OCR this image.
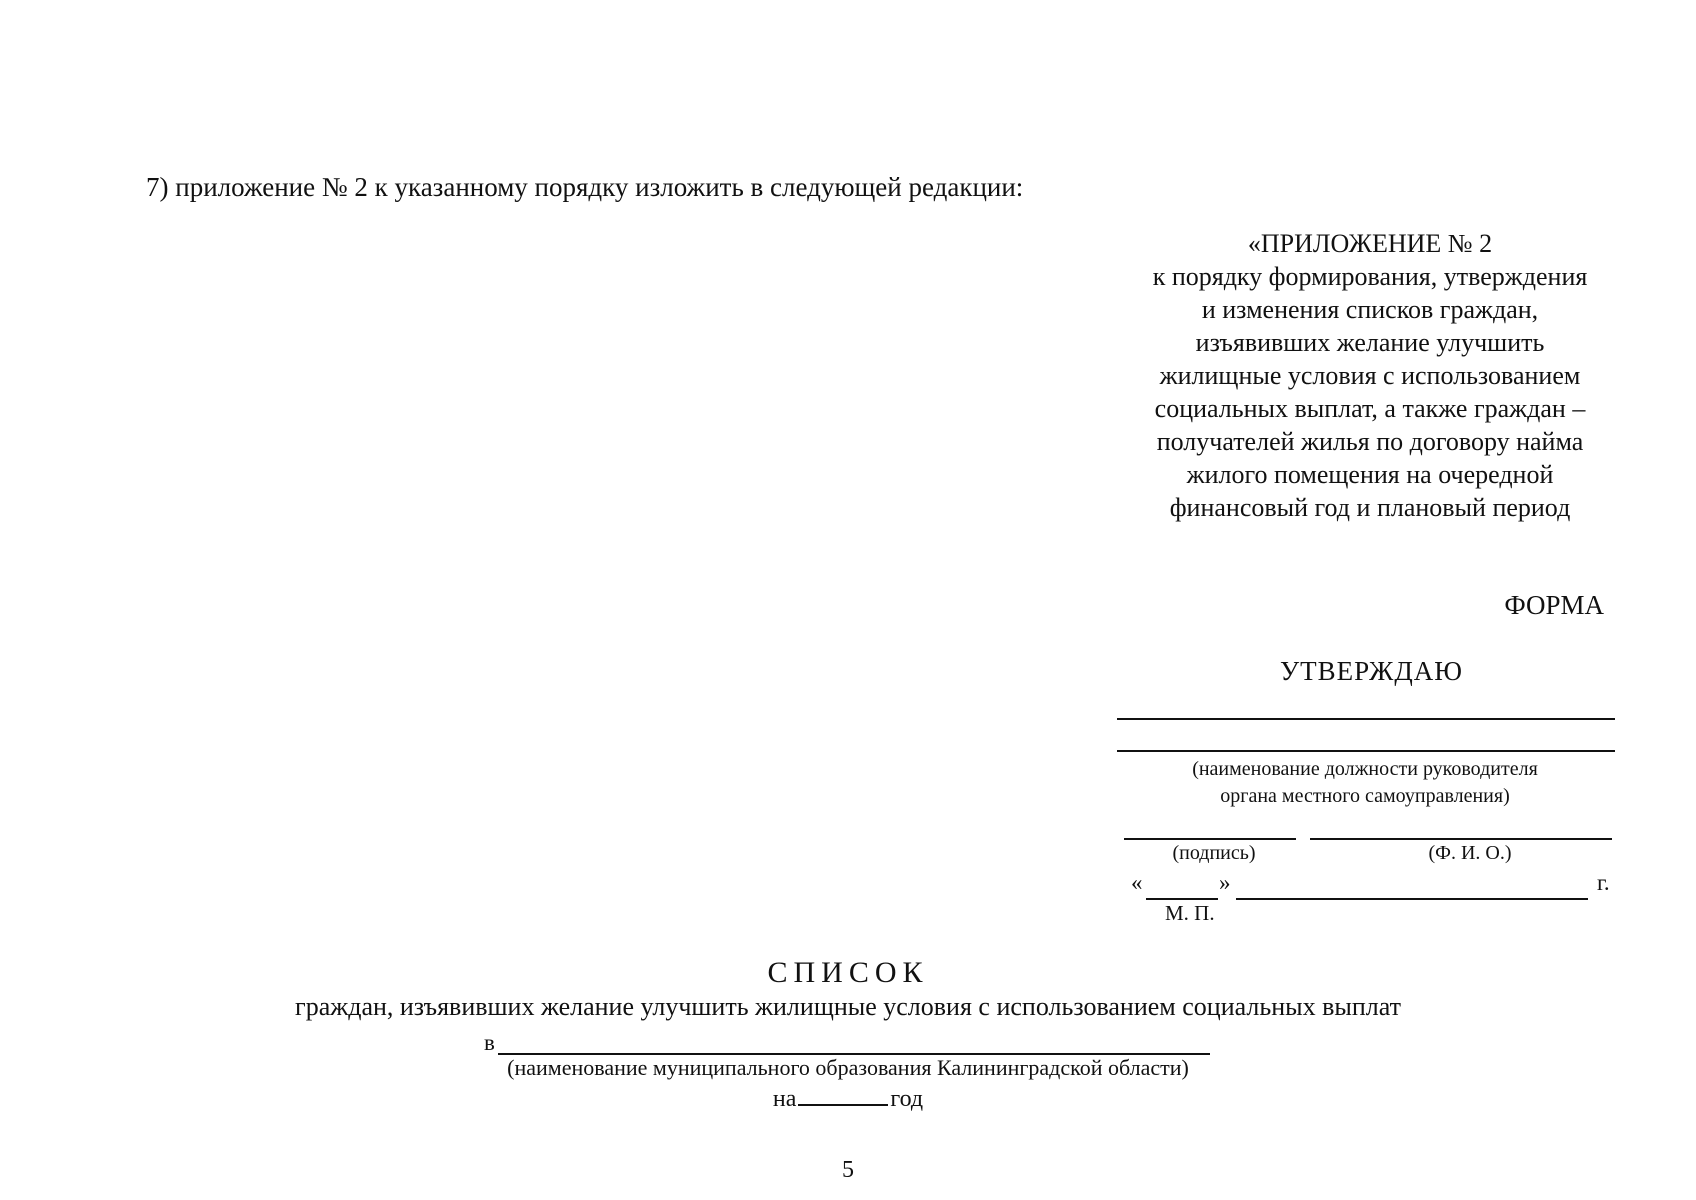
7) приложение № 2 к указанному порядку изложить в следующей редакции:
«ПРИЛОЖЕНИЕ № 2
к порядку формирования, утверждения
и изменения списков граждан,
изъявивших желание улучшить
жилищные условия с использованием
социальных выплат, а также граждан –
получателей жилья по договору найма
жилого помещения на очередной
финансовый год и плановый период
ФОРМА
УТВЕРЖДАЮ
(наименование должности руководителя
органа местного самоуправления)
(подпись)	(Ф. И. О.)
«	»	г.
М. П.
СПИСОК
граждан, изъявивших желание улучшить жилищные условия с использованием социальных выплат
в
(наименование муниципального образования Калининградской области)
на	год
5
